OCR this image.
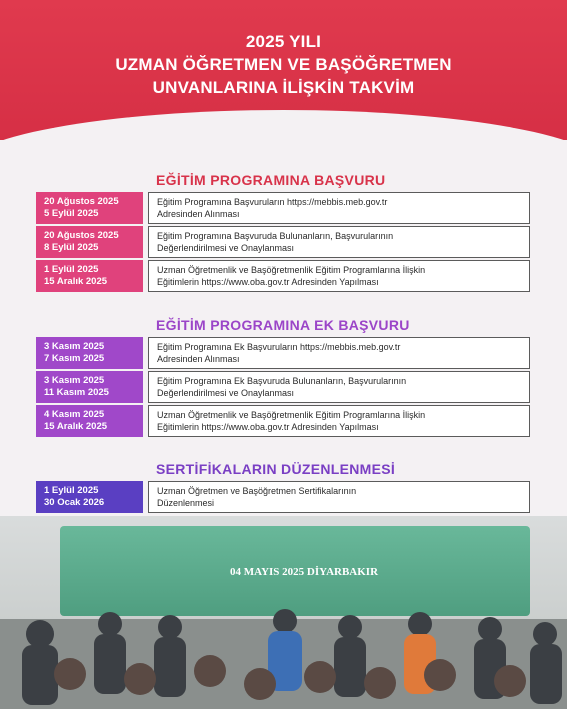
2025 YILI
UZMAN ÖĞRETMEN VE BAŞÖĞRETMEN
UNVANLARINA İLİŞKİN TAKVİM
EĞİTİM PROGRAMINA BAŞVURU
20 Ağustos 2025
5 Eylül 2025
Eğitim Programına Başvuruların https://mebbis.meb.gov.tr
Adresinden Alınması
20 Ağustos 2025
8 Eylül 2025
Eğitim Programına Başvuruda Bulunanların, Başvurularının
Değerlendirilmesi ve Onaylanması
1 Eylül 2025
15 Aralık 2025
Uzman Öğretmenlik ve Başöğretmenlik Eğitim Programlarına İlişkin
Eğitimlerin https://www.oba.gov.tr Adresinden Yapılması
EĞİTİM PROGRAMINA EK BAŞVURU
3 Kasım 2025
7 Kasım 2025
Eğitim Programına Ek Başvuruların https://mebbis.meb.gov.tr
Adresinden Alınması
3 Kasım 2025
11 Kasım 2025
Eğitim Programına Ek Başvuruda Bulunanların, Başvurularının
Değerlendirilmesi ve Onaylanması
4 Kasım 2025
15 Aralık 2025
Uzman Öğretmenlik ve Başöğretmenlik Eğitim Programlarına İlişkin
Eğitimlerin https://www.oba.gov.tr Adresinden Yapılması
SERTİFİKALARIN DÜZENLENMESİ
1 Eylül 2025
30 Ocak 2026
Uzman Öğretmen ve Başöğretmen Sertifikalarının
Düzenlenmesi
04 MAYIS 2025 DİYARBAKIR
